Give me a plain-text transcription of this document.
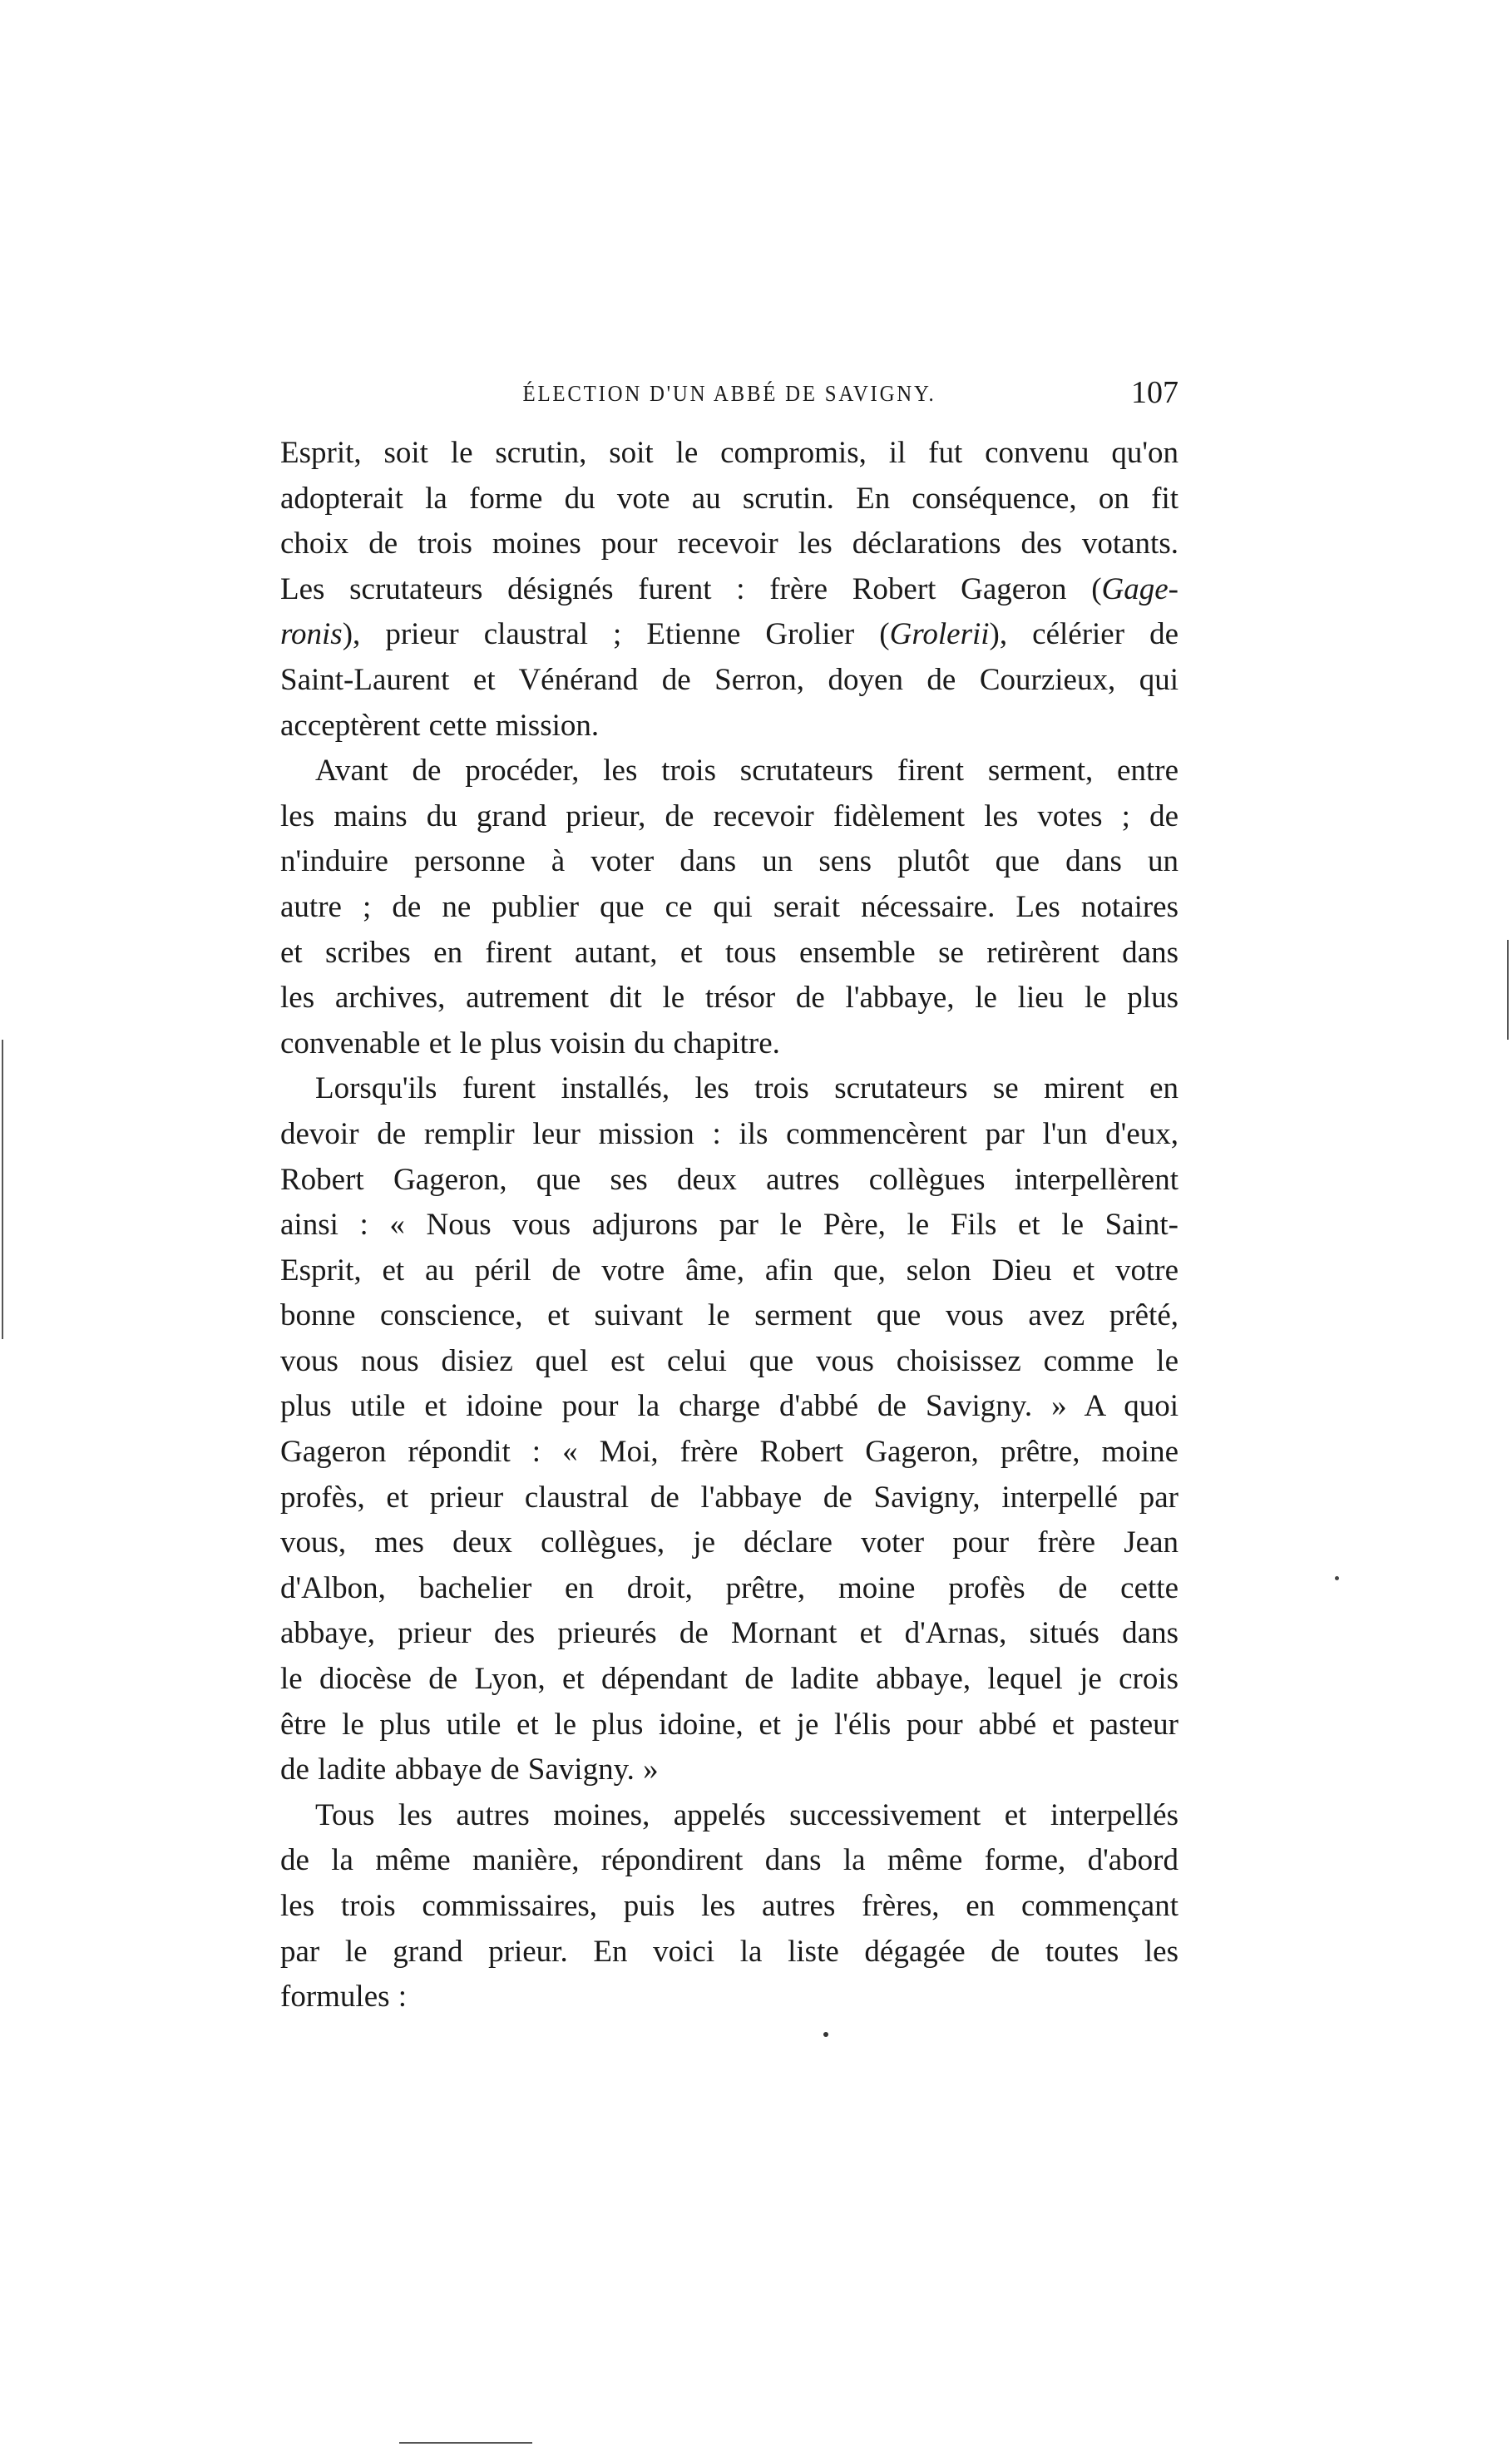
ÉLECTION D'UN ABBÉ DE SAVIGNY.	107
Esprit, soit le scrutin, soit le compromis, il fut convenu qu'on
adopterait la forme du vote au scrutin. En conséquence, on fit
choix de trois moines pour recevoir les déclarations des votants.
Les scrutateurs désignés furent : frère Robert Gageron (Gage-
ronis), prieur claustral ; Etienne Grolier (Grolerii), célérier de
Saint-Laurent et Vénérand de Serron, doyen de Courzieux, qui
acceptèrent cette mission.
Avant de procéder, les trois scrutateurs firent serment, entre
les mains du grand prieur, de recevoir fidèlement les votes ; de
n'induire personne à voter dans un sens plutôt que dans un
autre ; de ne publier que ce qui serait nécessaire. Les notaires
et scribes en firent autant, et tous ensemble se retirèrent dans
les archives, autrement dit le trésor de l'abbaye, le lieu le plus
convenable et le plus voisin du chapitre.
Lorsqu'ils furent installés, les trois scrutateurs se mirent en
devoir de remplir leur mission : ils commencèrent par l'un d'eux,
Robert Gageron, que ses deux autres collègues interpellèrent
ainsi : « Nous vous adjurons par le Père, le Fils et le Saint-
Esprit, et au péril de votre âme, afin que, selon Dieu et votre
bonne conscience, et suivant le serment que vous avez prêté,
vous nous disiez quel est celui que vous choisissez comme le
plus utile et idoine pour la charge d'abbé de Savigny. » A quoi
Gageron répondit : « Moi, frère Robert Gageron, prêtre, moine
profès, et prieur claustral de l'abbaye de Savigny, interpellé par
vous, mes deux collègues, je déclare voter pour frère Jean
d'Albon, bachelier en droit, prêtre, moine profès de cette
abbaye, prieur des prieurés de Mornant et d'Arnas, situés dans
le diocèse de Lyon, et dépendant de ladite abbaye, lequel je crois
être le plus utile et le plus idoine, et je l'élis pour abbé et pasteur
de ladite abbaye de Savigny. »
Tous les autres moines, appelés successivement et interpellés
de la même manière, répondirent dans la même forme, d'abord
les trois commissaires, puis les autres frères, en commençant
par le grand prieur. En voici la liste dégagée de toutes les
formules :
